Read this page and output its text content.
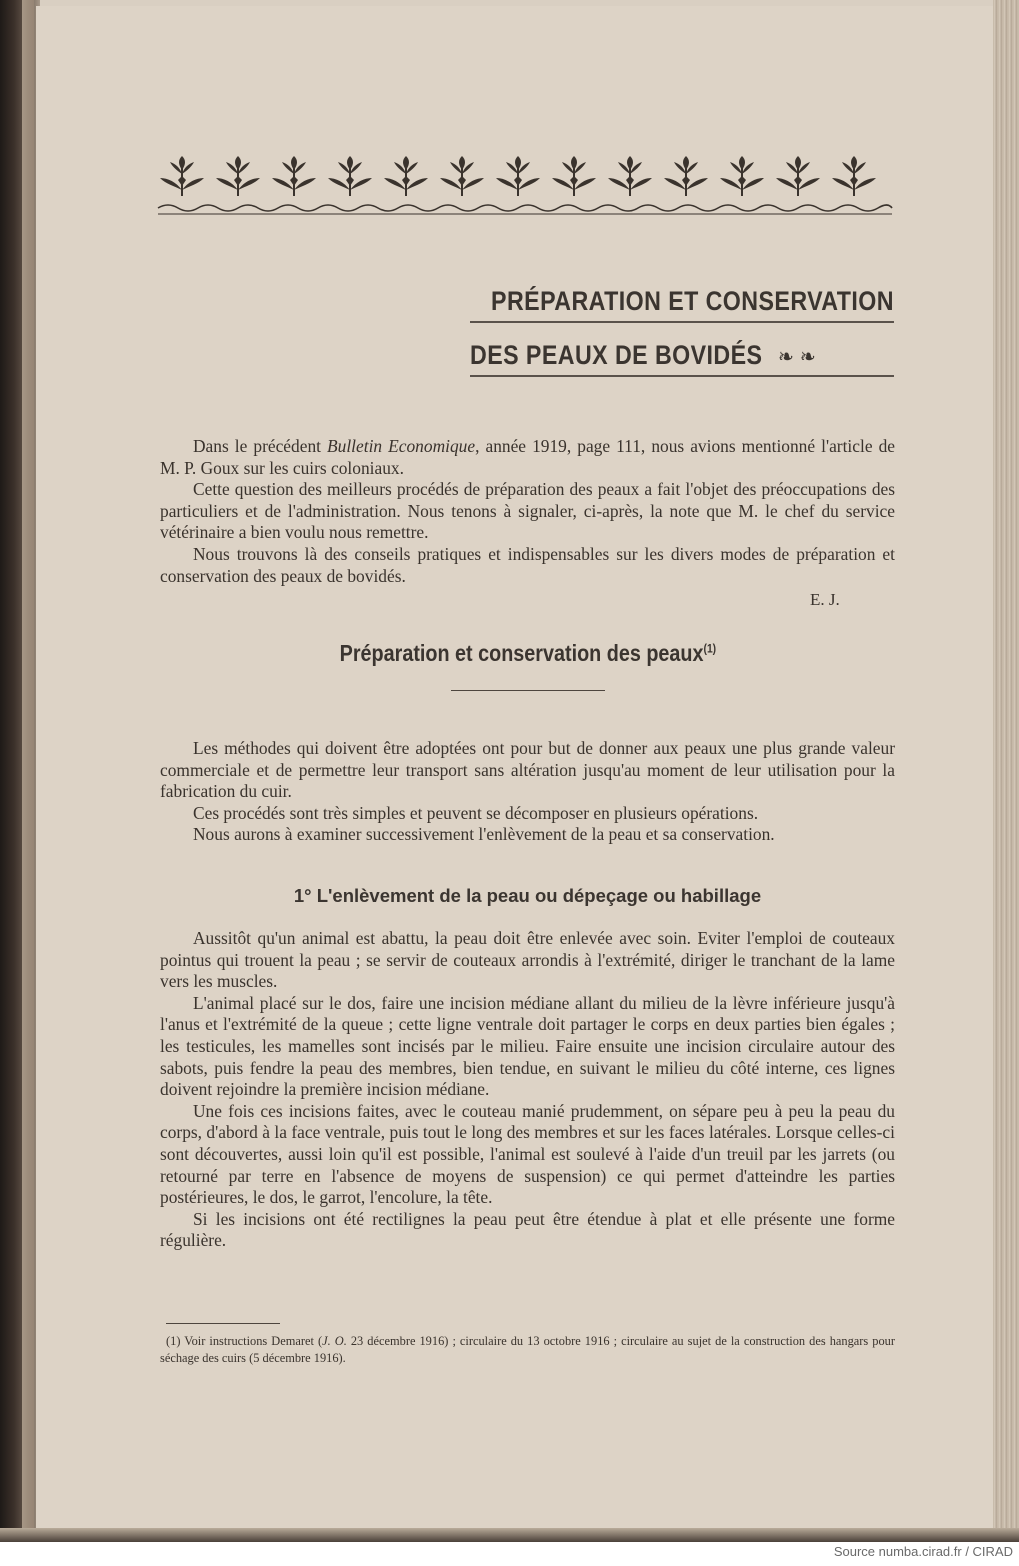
PRÉPARATION ET CONSERVATION
DES PEAUX DE BOVIDÉS ❧ ❧

Dans le précédent Bulletin Economique, année 1919, page 111, nous avions mentionné l'article de M. P. Goux sur les cuirs coloniaux.

Cette question des meilleurs procédés de préparation des peaux a fait l'objet des préoccupations des particuliers et de l'administration. Nous tenons à signaler, ci-après, la note que M. le chef du service vétérinaire a bien voulu nous remettre.

Nous trouvons là des conseils pratiques et indispensables sur les divers modes de préparation et conservation des peaux de bovidés.

E. J.
Préparation et conservation des peaux$^{(1)}$

Les méthodes qui doivent être adoptées ont pour but de donner aux peaux une plus grande valeur commerciale et de permettre leur transport sans altération jusqu'au moment de leur utilisation pour la fabrication du cuir.

Ces procédés sont très simples et peuvent se décomposer en plusieurs opérations.

Nous aurons à examiner successivement l'enlèvement de la peau et sa conservation.

1° L'enlèvement de la peau ou dépeçage ou habillage

Aussitôt qu'un animal est abattu, la peau doit être enlevée avec soin. Eviter l'emploi de couteaux pointus qui trouent la peau ; se servir de couteaux arrondis à l'extrémité, diriger le tranchant de la lame vers les muscles.

L'animal placé sur le dos, faire une incision médiane allant du milieu de la lèvre inférieure jusqu'à l'anus et l'extrémité de la queue ; cette ligne ventrale doit partager le corps en deux parties bien égales ; les testicules, les mamelles sont incisés par le milieu. Faire ensuite une incision circulaire autour des sabots, puis fendre la peau des membres, bien tendue, en suivant le milieu du côté interne, ces lignes doivent rejoindre la première incision médiane.

Une fois ces incisions faites, avec le couteau manié prudemment, on sépare peu à peu la peau du corps, d'abord à la face ventrale, puis tout le long des membres et sur les faces latérales. Lorsque celles-ci sont découvertes, aussi loin qu'il est possible, l'animal est soulevé à l'aide d'un treuil par les jarrets (ou retourné par terre en l'absence de moyens de suspension) ce qui permet d'atteindre les parties postérieures, le dos, le garrot, l'encolure, la tête.

Si les incisions ont été rectilignes la peau peut être étendue à plat et elle présente une forme régulière.

(1) Voir instructions Demaret (J. O. 23 décembre 1916) ; circulaire du 13 octobre 1916 ; circulaire au sujet de la construction des hangars pour séchage des cuirs (5 décembre 1916).

Source numba.cirad.fr / CIRAD
